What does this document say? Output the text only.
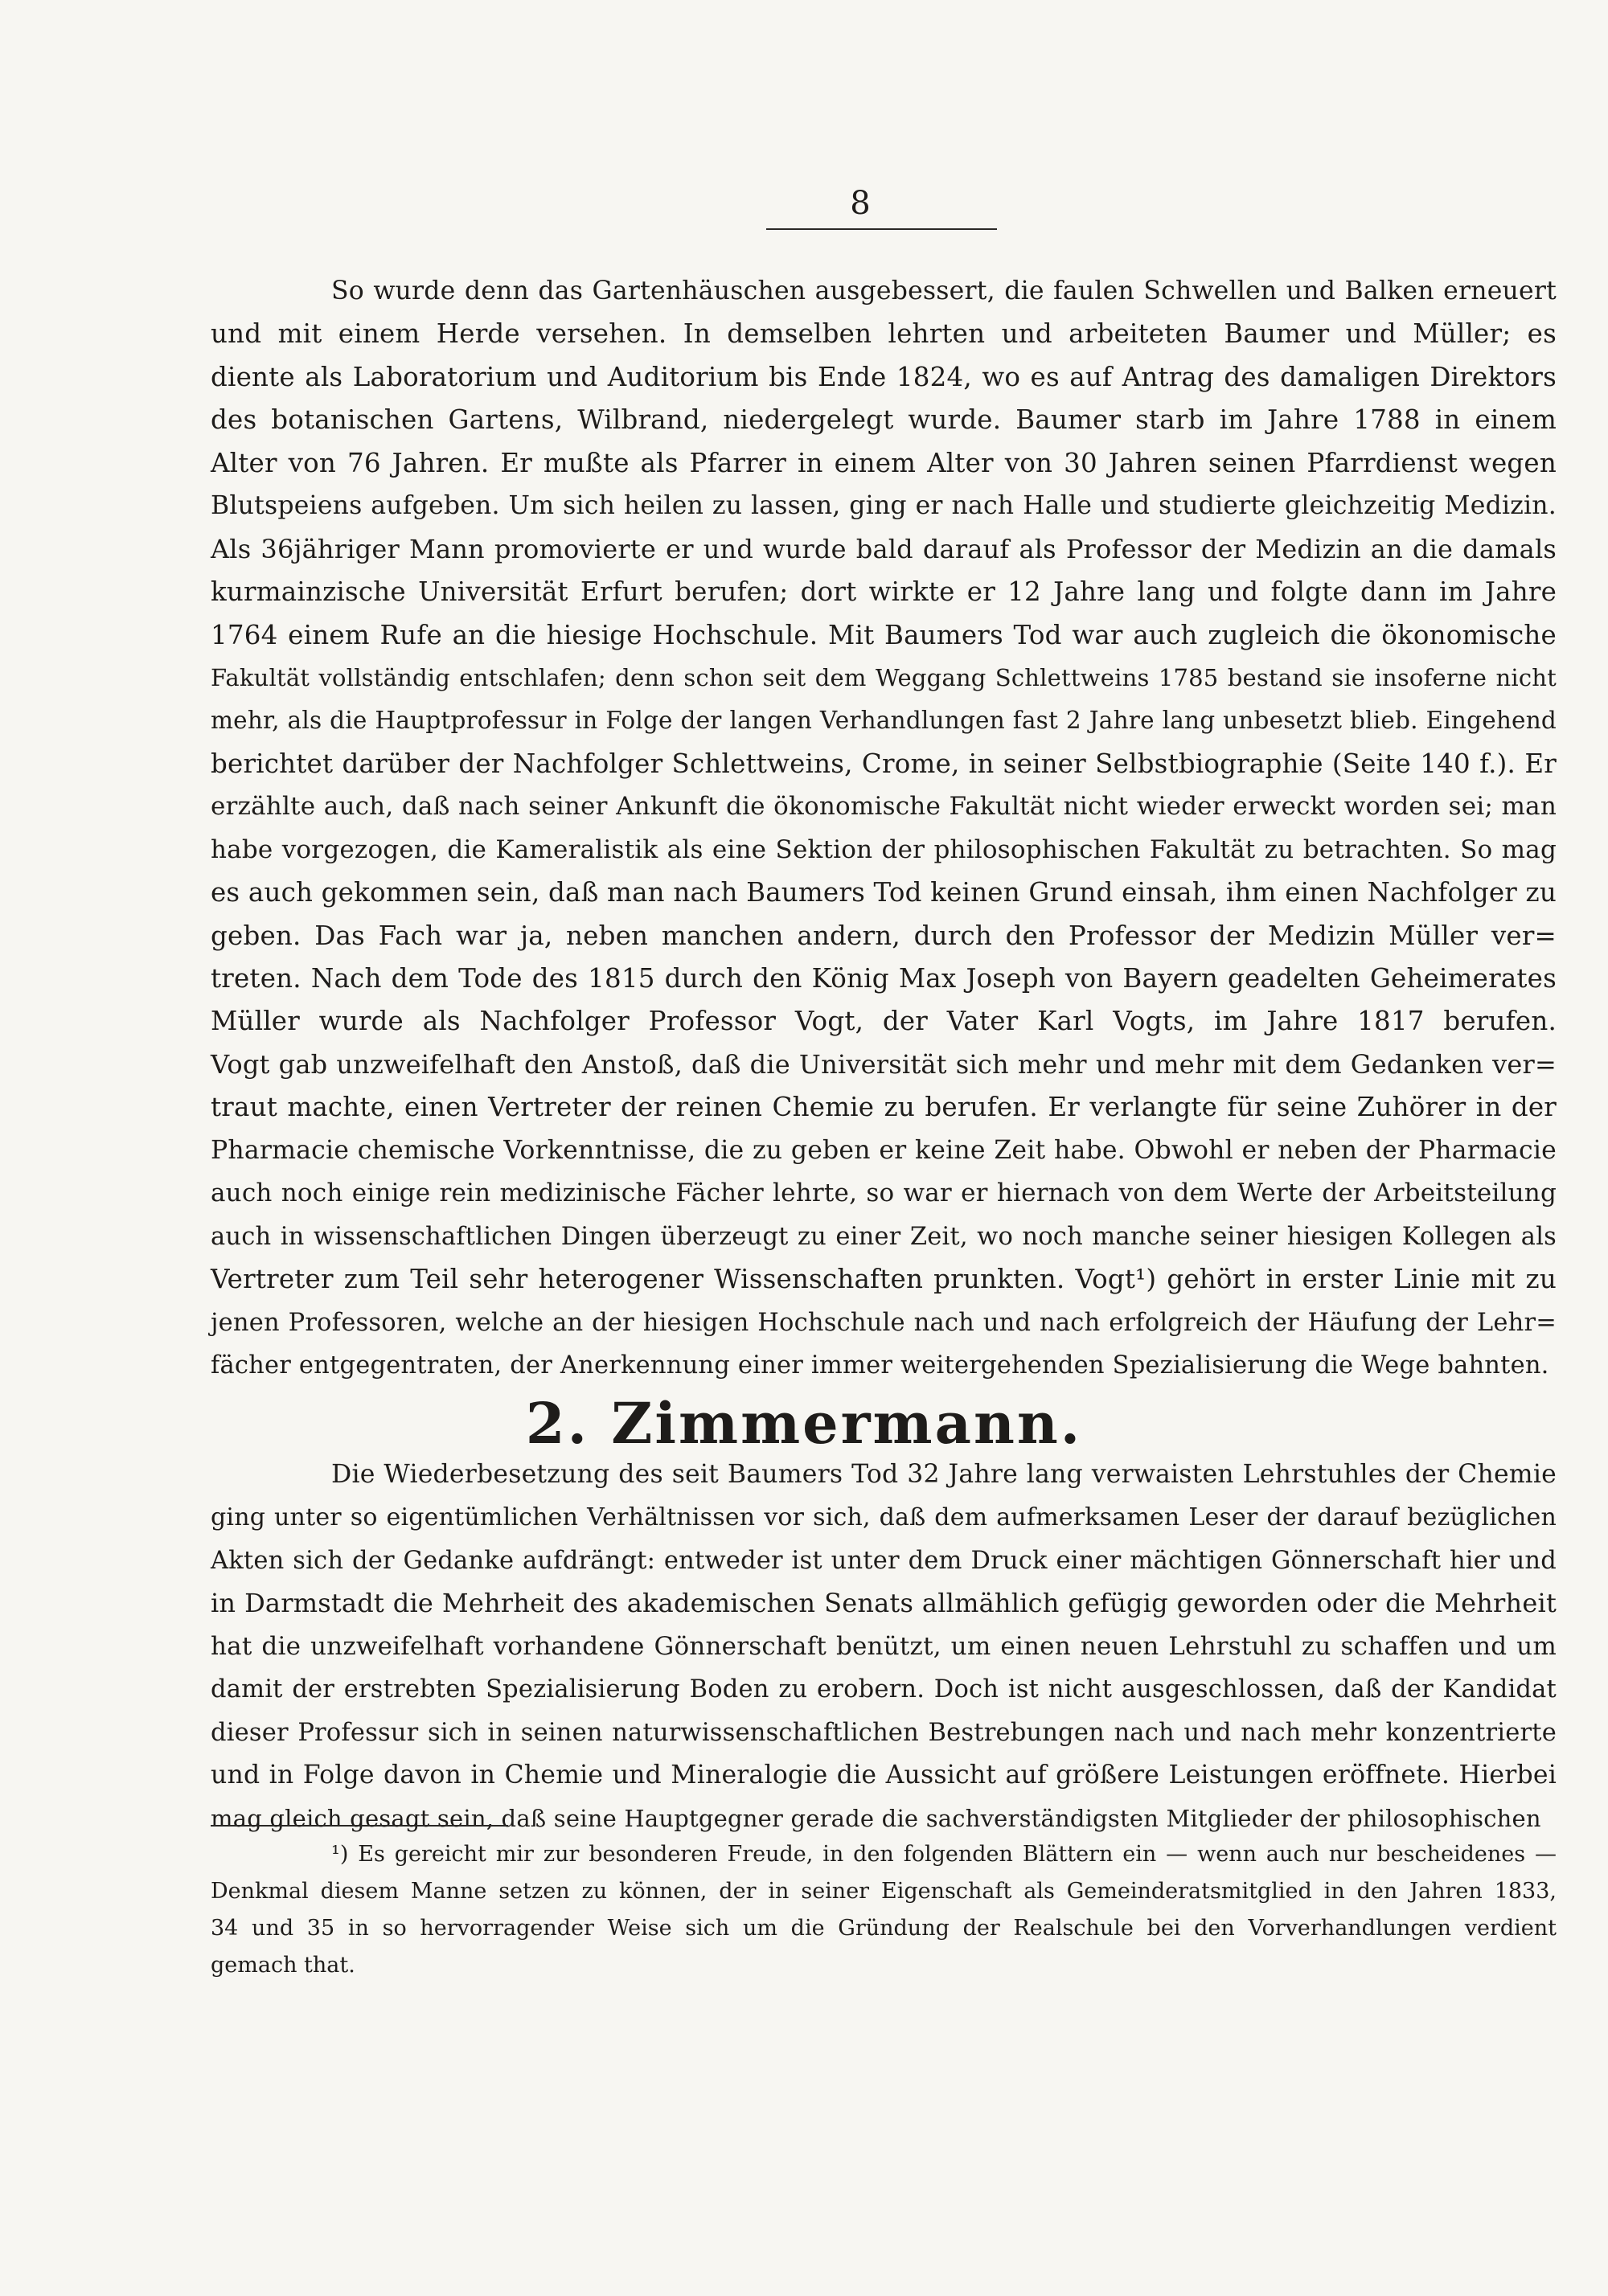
8
So wurde denn das Gartenhäuschen ausgebessert, die faulen Schwellen und Balken erneuert
und mit einem Herde versehen. In demselben lehrten und arbeiteten Baumer und Müller; es
diente als Laboratorium und Auditorium bis Ende 1824, wo es auf Antrag des damaligen Direktors
des botanischen Gartens, Wilbrand, niedergelegt wurde. Baumer starb im Jahre 1788 in einem
Alter von 76 Jahren. Er mußte als Pfarrer in einem Alter von 30 Jahren seinen Pfarrdienst wegen
Blutspeiens aufgeben. Um sich heilen zu lassen, ging er nach Halle und studierte gleichzeitig Medizin.
Als 36jähriger Mann promovierte er und wurde bald darauf als Professor der Medizin an die damals
kurmainzische Universität Erfurt berufen; dort wirkte er 12 Jahre lang und folgte dann im Jahre
1764 einem Rufe an die hiesige Hochschule. Mit Baumers Tod war auch zugleich die ökonomische
Fakultät vollständig entschlafen; denn schon seit dem Weggang Schlettweins 1785 bestand sie insoferne nicht
mehr, als die Hauptprofessur in Folge der langen Verhandlungen fast 2 Jahre lang unbesetzt blieb. Eingehend
berichtet darüber der Nachfolger Schlettweins, Crome, in seiner Selbstbiographie (Seite 140 f.). Er
erzählte auch, daß nach seiner Ankunft die ökonomische Fakultät nicht wieder erweckt worden sei; man
habe vorgezogen, die Kameralistik als eine Sektion der philosophischen Fakultät zu betrachten. So mag
es auch gekommen sein, daß man nach Baumers Tod keinen Grund einsah, ihm einen Nachfolger zu
geben. Das Fach war ja, neben manchen andern, durch den Professor der Medizin Müller ver=
treten. Nach dem Tode des 1815 durch den König Max Joseph von Bayern geadelten Geheimerates
Müller wurde als Nachfolger Professor Vogt, der Vater Karl Vogts, im Jahre 1817 berufen.
Vogt gab unzweifelhaft den Anstoß, daß die Universität sich mehr und mehr mit dem Gedanken ver=
traut machte, einen Vertreter der reinen Chemie zu berufen. Er verlangte für seine Zuhörer in der
Pharmacie chemische Vorkenntnisse, die zu geben er keine Zeit habe. Obwohl er neben der Pharmacie
auch noch einige rein medizinische Fächer lehrte, so war er hiernach von dem Werte der Arbeitsteilung
auch in wissenschaftlichen Dingen überzeugt zu einer Zeit, wo noch manche seiner hiesigen Kollegen als
Vertreter zum Teil sehr heterogener Wissenschaften prunkten. Vogt¹) gehört in erster Linie mit zu
jenen Professoren, welche an der hiesigen Hochschule nach und nach erfolgreich der Häufung der Lehr=
fächer entgegentraten, der Anerkennung einer immer weitergehenden Spezialisierung die Wege bahnten.
2. Zimmermann.
Die Wiederbesetzung des seit Baumers Tod 32 Jahre lang verwaisten Lehrstuhles der Chemie
ging unter so eigentümlichen Verhältnissen vor sich, daß dem aufmerksamen Leser der darauf bezüglichen
Akten sich der Gedanke aufdrängt: entweder ist unter dem Druck einer mächtigen Gönnerschaft hier und
in Darmstadt die Mehrheit des akademischen Senats allmählich gefügig geworden oder die Mehrheit
hat die unzweifelhaft vorhandene Gönnerschaft benützt, um einen neuen Lehrstuhl zu schaffen und um
damit der erstrebten Spezialisierung Boden zu erobern. Doch ist nicht ausgeschlossen, daß der Kandidat
dieser Professur sich in seinen naturwissenschaftlichen Bestrebungen nach und nach mehr konzentrierte
und in Folge davon in Chemie und Mineralogie die Aussicht auf größere Leistungen eröffnete. Hierbei
mag gleich gesagt sein, daß seine Hauptgegner gerade die sachverständigsten Mitglieder der philosophischen
¹) Es gereicht mir zur besonderen Freude, in den folgenden Blättern ein — wenn auch nur bescheidenes —
Denkmal diesem Manne setzen zu können, der in seiner Eigenschaft als Gemeinderatsmitglied in den Jahren 1833,
34 und 35 in so hervorragender Weise sich um die Gründung der Realschule bei den Vorverhandlungen verdient
gemach that.
